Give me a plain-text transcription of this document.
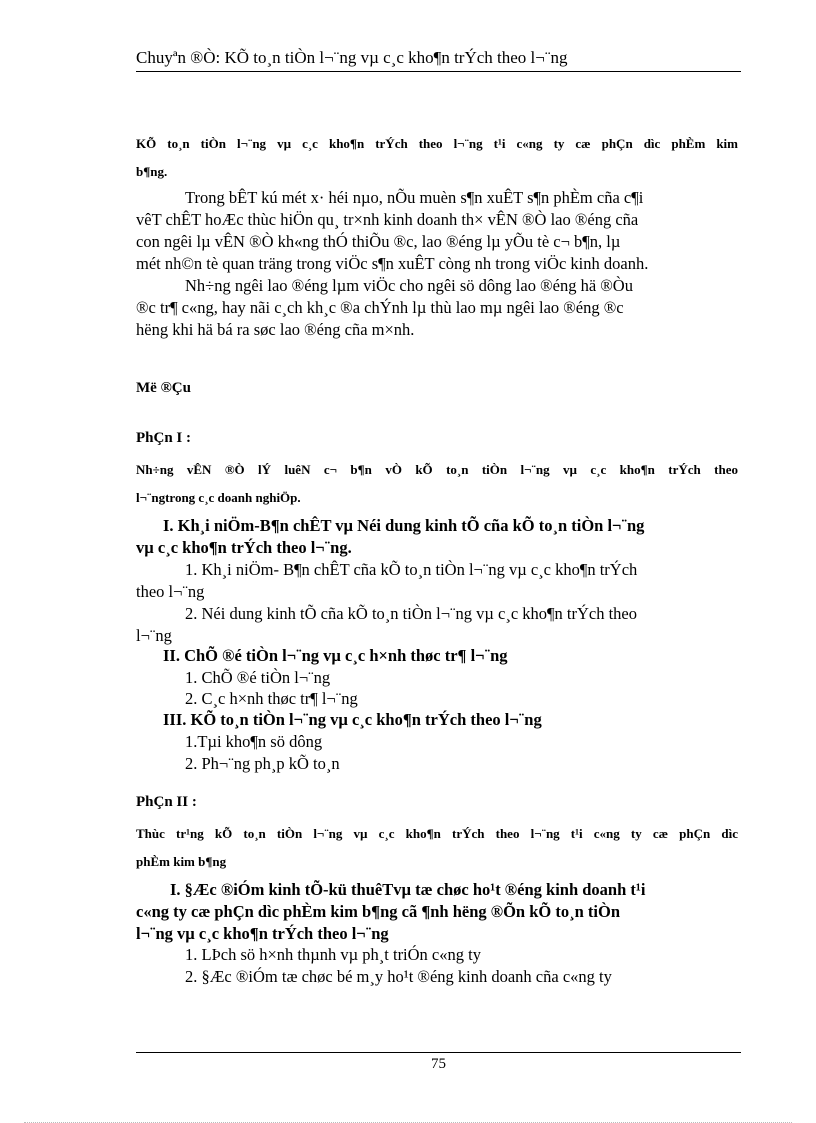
Chuyªn ®Ò: KÕ to¸n tiÒn l¬¨ng vµ c¸c kho¶n trÝch theo l¬¨ng
KÕ to¸n tiÒn l¬¨ng vµ c¸c kho¶n trÝch theo l¬¨ng t¹i c«ng ty cæ phÇn dìc phÈm kim
b¶ng.
Trong bÊT kú mét x· héi nµo, nÕu muèn s¶n xuÊT s¶n phÈm cña c¶i
vêT chÊT hoÆc thùc hiÖn qu¸ tr×nh kinh doanh th× vÊN ®Ò lao ®éng cña
con ngêi lµ vÊN ®Ò kh«ng thÓ thiÕu ®c, lao ®éng lµ yÕu tè c¬ b¶n, lµ
mét nh©n tè quan träng trong viÖc s¶n xuÊT còng nh trong viÖc kinh doanh.
Nh÷ng ngêi lao ®éng lµm viÖc cho ngêi sö dông lao ®éng hä ®Òu
®c tr¶ c«ng, hay nãi c¸ch kh¸c ®a chÝnh lµ thù lao mµ ngêi lao ®éng ®c
hëng khi hä bá ra søc lao ®éng cña m×nh.
Më ®Çu
PhÇn I :
Nh÷ng vÊN ®Ò lÝ luêN c¬ b¶n vÒ kÕ to¸n tiÒn l¬¨ng vµ c¸c kho¶n trÝch theo
l¬¨ngtrong c¸c doanh nghiÖp.
I. Kh¸i niÖm-B¶n chÊT vµ Néi dung kinh tÕ cña kÕ to¸n tiÒn l¬¨ng
vµ c¸c kho¶n trÝch theo l¬¨ng.
1. Kh¸i niÖm- B¶n chÊT cña kÕ to¸n tiÒn l¬¨ng vµ c¸c kho¶n trÝch
theo l¬¨ng
2. Néi dung kinh tÕ cña kÕ to¸n tiÒn l¬¨ng vµ c¸c kho¶n trÝch theo
l¬¨ng
II. ChÕ ®é tiÒn l¬¨ng vµ c¸c h×nh thøc tr¶ l¬¨ng
1. ChÕ ®é tiÒn l¬¨ng
2. C¸c h×nh thøc tr¶ l¬¨ng
III. KÕ to¸n tiÒn l¬¨ng vµ c¸c kho¶n trÝch theo l¬¨ng
1.Tµi kho¶n sö dông
2. Ph¬¨ng ph¸p kÕ to¸n
PhÇn II :
Thùc tr¹ng kÕ to¸n tiÒn l¬¨ng vµ c¸c kho¶n trÝch theo l¬¨ng t¹i c«ng ty cæ phÇn dìc
phÈm kim b¶ng
I. §Æc ®iÓm kinh tÕ-kü thuêTvµ tæ chøc ho¹t ®éng kinh doanh t¹i
c«ng ty cæ phÇn dìc phÈm kim b¶ng cã ¶nh hëng ®Õn kÕ to¸n tiÒn
l¬¨ng vµ c¸c kho¶n trÝch theo l¬¨ng
1. LÞch sö h×nh thµnh vµ ph¸t triÓn c«ng ty
2. §Æc ®iÓm tæ chøc bé m¸y ho¹t ®éng kinh doanh cña c«ng ty
75
